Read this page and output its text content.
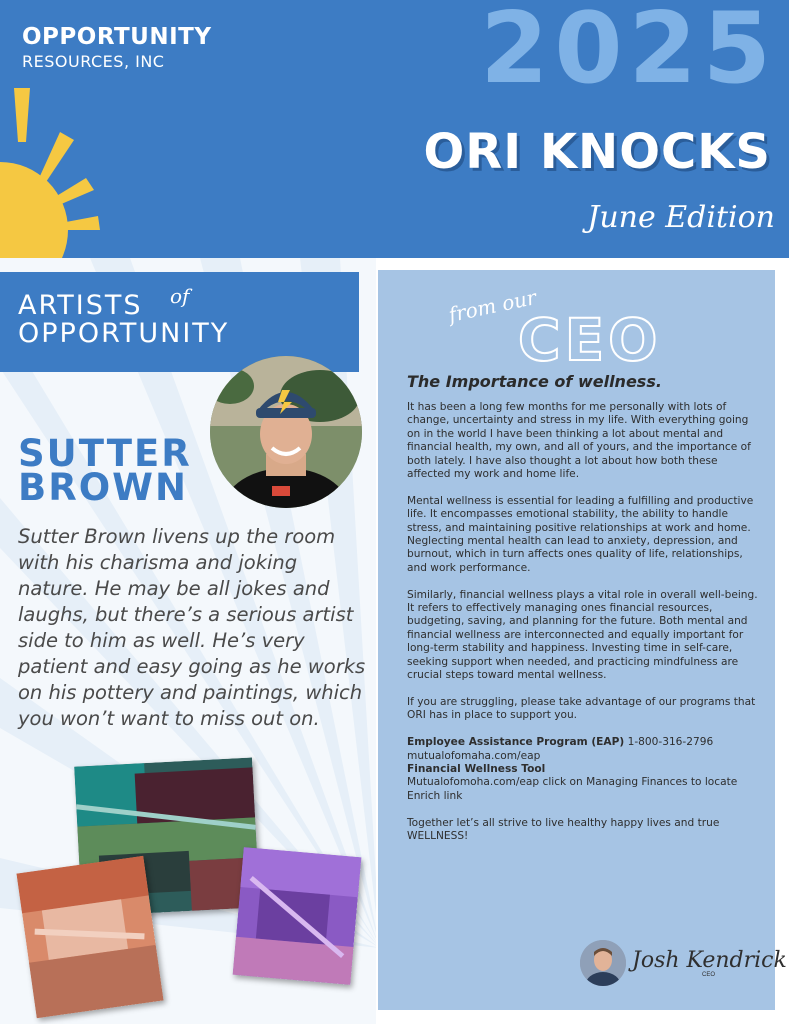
OPPORTUNITY
RESOURCES, INC	2025
ORI KNOCKS
June Edition
ARTISTS of
OPPORTUNITY
SUTTER
BROWN
Sutter Brown livens up the room with his charisma and joking nature. He may be all jokes and laughs, but there’s a serious artist side to him as well. He’s very patient and easy going as he works on his pottery and paintings, which you won’t want to miss out on.
from our
CEO
The Importance of wellness.

It has been a long few months for me personally with lots of change, uncertainty and stress in my life. With everything going on in the world I have been thinking a lot about mental and financial health, my own, and all of yours, and the importance of both lately. I have also thought a lot about how both these affected my work and home life.

Mental wellness is essential for leading a fulfilling and productive life. It encompasses emotional stability, the ability to handle stress, and maintaining positive relationships at work and home. Neglecting mental health can lead to anxiety, depression, and burnout, which in turn affects ones quality of life, relationships, and work performance.

Similarly, financial wellness plays a vital role in overall well-being. It refers to effectively managing ones financial resources, budgeting, saving, and planning for the future. Both mental and financial wellness are interconnected and equally important for long-term stability and happiness. Investing time in self-care, seeking support when needed, and practicing mindfulness are crucial steps toward mental wellness.

If you are struggling, please take advantage of our programs that ORI has in place to support you.

Employee Assistance Program (EAP) 1-800-316-2796
mutualofomaha.com/eap
Financial Wellness Tool
Mutualofomoha.com/eap click on Managing Finances to locate Enrich link

Together let’s all strive to live healthy happy lives and true WELLNESS!

Josh Kendrick
CEO
